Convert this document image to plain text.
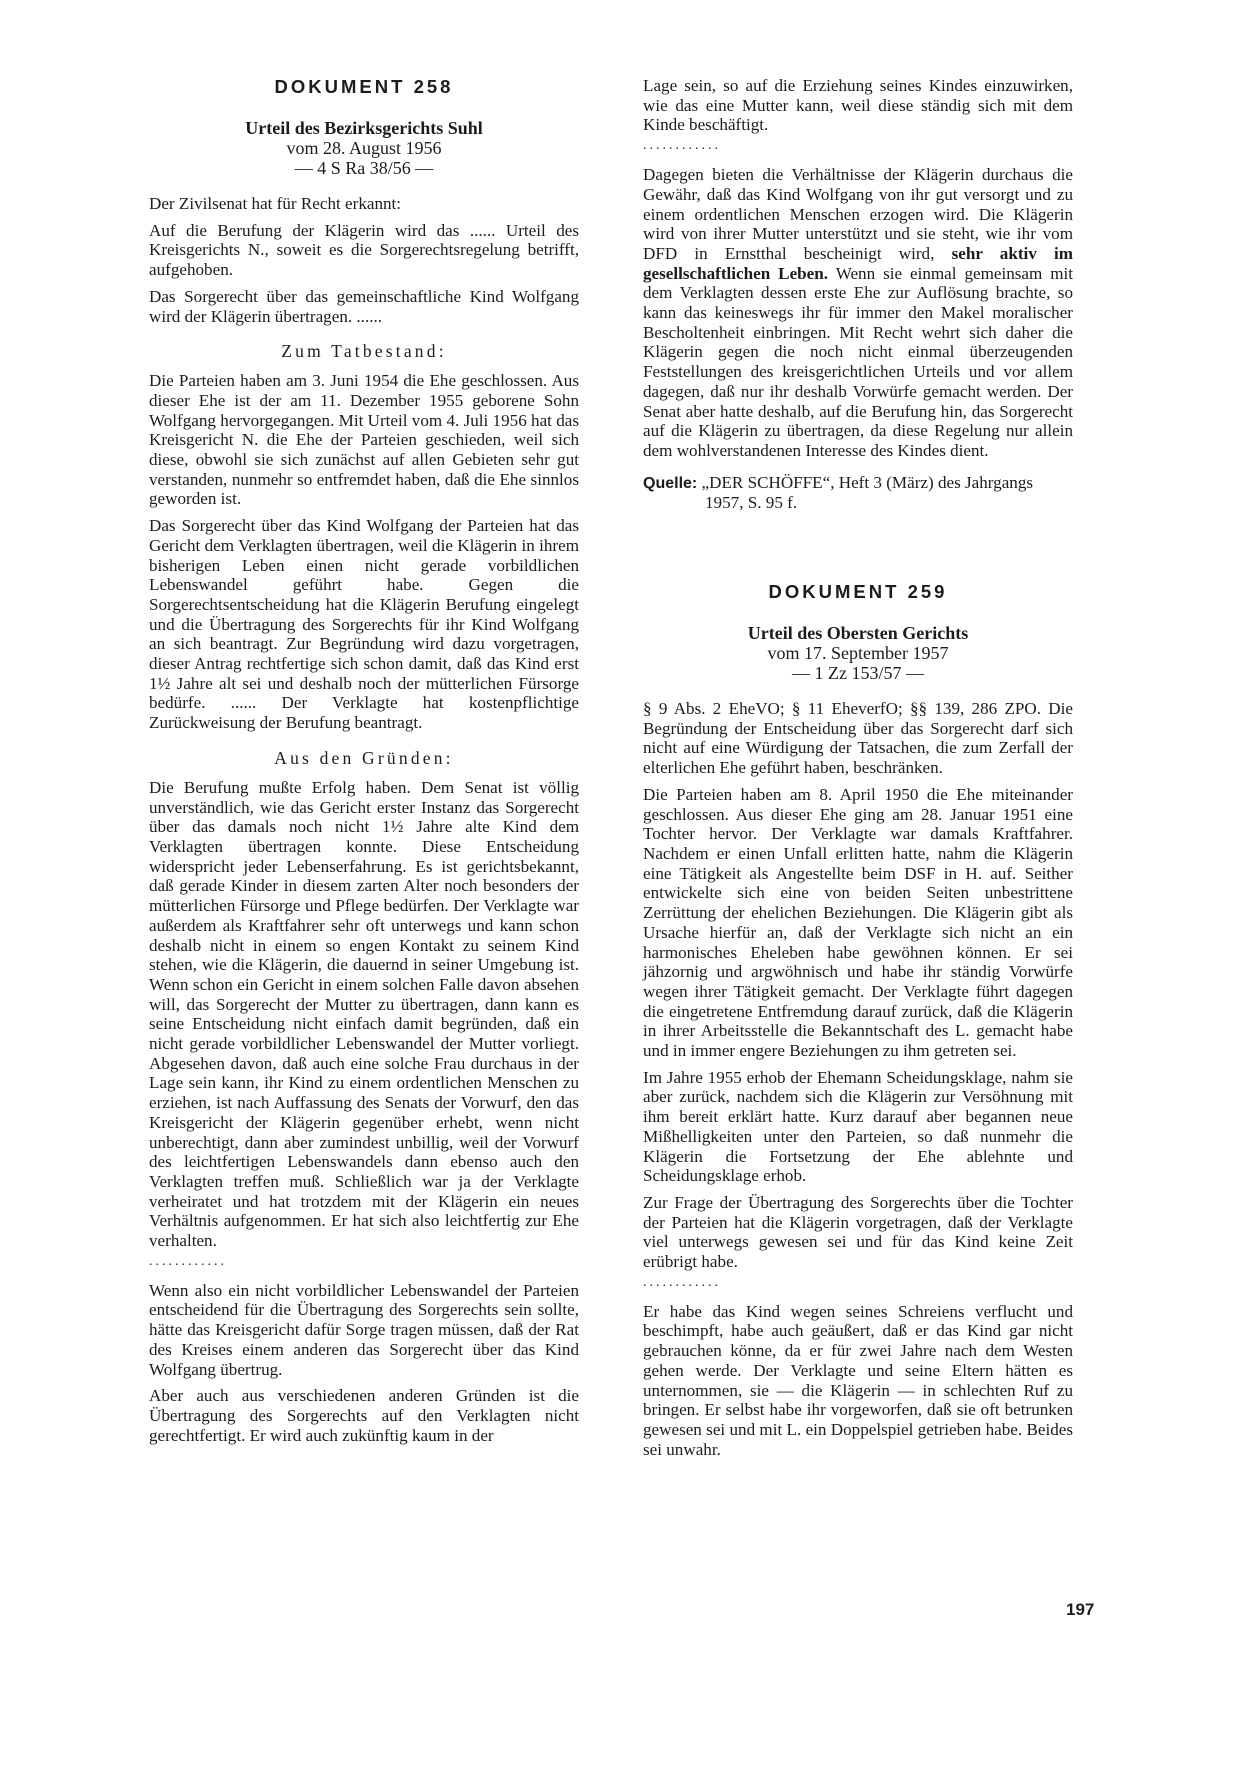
DOKUMENT 258
Urteil des Bezirksgerichts Suhl
vom 28. August 1956
— 4 S Ra 38/56 —

Der Zivilsenat hat für Recht erkannt:

Auf die Berufung der Klägerin wird das ...... Urteil des Kreisgerichts N., soweit es die Sorgerechtsregelung betrifft, aufgehoben.

Das Sorgerecht über das gemeinschaftliche Kind Wolfgang wird der Klägerin übertragen. ......

Zum Tatbestand:

Die Parteien haben am 3. Juni 1954 die Ehe geschlossen. Aus dieser Ehe ist der am 11. Dezember 1955 geborene Sohn Wolfgang hervorgegangen. Mit Urteil vom 4. Juli 1956 hat das Kreisgericht N. die Ehe der Parteien geschieden, weil sich diese, obwohl sie sich zunächst auf allen Gebieten sehr gut verstanden, nunmehr so entfremdet haben, daß die Ehe sinnlos geworden ist.

Das Sorgerecht über das Kind Wolfgang der Parteien hat das Gericht dem Verklagten übertragen, weil die Klägerin in ihrem bisherigen Leben einen nicht gerade vorbildlichen Lebenswandel geführt habe. Gegen die Sorgerechtsentscheidung hat die Klägerin Berufung eingelegt und die Übertragung des Sorgerechts für ihr Kind Wolfgang an sich beantragt. Zur Begründung wird dazu vorgetragen, dieser Antrag rechtfertige sich schon damit, daß das Kind erst 1½ Jahre alt sei und deshalb noch der mütterlichen Fürsorge bedürfe. ...... Der Verklagte hat kostenpflichtige Zurückweisung der Berufung beantragt.

Aus den Gründen:

Die Berufung mußte Erfolg haben. Dem Senat ist völlig unverständlich, wie das Gericht erster Instanz das Sorgerecht über das damals noch nicht 1½ Jahre alte Kind dem Verklagten übertragen konnte. Diese Entscheidung widerspricht jeder Lebenserfahrung. Es ist gerichtsbekannt, daß gerade Kinder in diesem zarten Alter noch besonders der mütterlichen Fürsorge und Pflege bedürfen. Der Verklagte war außerdem als Kraftfahrer sehr oft unterwegs und kann schon deshalb nicht in einem so engen Kontakt zu seinem Kind stehen, wie die Klägerin, die dauernd in seiner Umgebung ist. Wenn schon ein Gericht in einem solchen Falle davon absehen will, das Sorgerecht der Mutter zu übertragen, dann kann es seine Entscheidung nicht einfach damit begründen, daß ein nicht gerade vorbildlicher Lebenswandel der Mutter vorliegt. Abgesehen davon, daß auch eine solche Frau durchaus in der Lage sein kann, ihr Kind zu einem ordentlichen Menschen zu erziehen, ist nach Auffassung des Senats der Vorwurf, den das Kreisgericht der Klägerin gegenüber erhebt, wenn nicht unberechtigt, dann aber zumindest unbillig, weil der Vorwurf des leichtfertigen Lebenswandels dann ebenso auch den Verklagten treffen muß. Schließlich war ja der Verklagte verheiratet und hat trotzdem mit der Klägerin ein neues Verhältnis aufgenommen. Er hat sich also leichtfertig zur Ehe verhalten.

............

Wenn also ein nicht vorbildlicher Lebenswandel der Parteien entscheidend für die Übertragung des Sorgerechts sein sollte, hätte das Kreisgericht dafür Sorge tragen müssen, daß der Rat des Kreises einem anderen das Sorgerecht über das Kind Wolfgang übertrug.

Aber auch aus verschiedenen anderen Gründen ist die Übertragung des Sorgerechts auf den Verklagten nicht gerechtfertigt. Er wird auch zukünftig kaum in der

Lage sein, so auf die Erziehung seines Kindes einzuwirken, wie das eine Mutter kann, weil diese ständig sich mit dem Kinde beschäftigt.

............

Dagegen bieten die Verhältnisse der Klägerin durchaus die Gewähr, daß das Kind Wolfgang von ihr gut versorgt und zu einem ordentlichen Menschen erzogen wird. Die Klägerin wird von ihrer Mutter unterstützt und sie steht, wie ihr vom DFD in Ernstthal bescheinigt wird, sehr aktiv im gesellschaftlichen Leben. Wenn sie einmal gemeinsam mit dem Verklagten dessen erste Ehe zur Auflösung brachte, so kann das keineswegs ihr für immer den Makel moralischer Bescholtenheit einbringen. Mit Recht wehrt sich daher die Klägerin gegen die noch nicht einmal überzeugenden Feststellungen des kreisgerichtlichen Urteils und vor allem dagegen, daß nur ihr deshalb Vorwürfe gemacht werden. Der Senat aber hatte deshalb, auf die Berufung hin, das Sorgerecht auf die Klägerin zu übertragen, da diese Regelung nur allein dem wohlverstandenen Interesse des Kindes dient.

Quelle: „DER SCHÖFFE“, Heft 3 (März) des Jahrgangs 1957, S. 95 f.
DOKUMENT 259
Urteil des Obersten Gerichts
vom 17. September 1957
— 1 Zz 153/57 —

§ 9 Abs. 2 EheVO; § 11 EheverfO; §§ 139, 286 ZPO. Die Begründung der Entscheidung über das Sorgerecht darf sich nicht auf eine Würdigung der Tatsachen, die zum Zerfall der elterlichen Ehe geführt haben, beschränken.

Die Parteien haben am 8. April 1950 die Ehe miteinander geschlossen. Aus dieser Ehe ging am 28. Januar 1951 eine Tochter hervor. Der Verklagte war damals Kraftfahrer. Nachdem er einen Unfall erlitten hatte, nahm die Klägerin eine Tätigkeit als Angestellte beim DSF in H. auf. Seither entwickelte sich eine von beiden Seiten unbestrittene Zerrüttung der ehelichen Beziehungen. Die Klägerin gibt als Ursache hierfür an, daß der Verklagte sich nicht an ein harmonisches Eheleben habe gewöhnen können. Er sei jähzornig und argwöhnisch und habe ihr ständig Vorwürfe wegen ihrer Tätigkeit gemacht. Der Verklagte führt dagegen die eingetretene Entfremdung darauf zurück, daß die Klägerin in ihrer Arbeitsstelle die Bekanntschaft des L. gemacht habe und in immer engere Beziehungen zu ihm getreten sei.

Im Jahre 1955 erhob der Ehemann Scheidungsklage, nahm sie aber zurück, nachdem sich die Klägerin zur Versöhnung mit ihm bereit erklärt hatte. Kurz darauf aber begannen neue Mißhelligkeiten unter den Parteien, so daß nunmehr die Klägerin die Fortsetzung der Ehe ablehnte und Scheidungsklage erhob.

Zur Frage der Übertragung des Sorgerechts über die Tochter der Parteien hat die Klägerin vorgetragen, daß der Verklagte viel unterwegs gewesen sei und für das Kind keine Zeit erübrigt habe.

............

Er habe das Kind wegen seines Schreiens verflucht und beschimpft, habe auch geäußert, daß er das Kind gar nicht gebrauchen könne, da er für zwei Jahre nach dem Westen gehen werde. Der Verklagte und seine Eltern hätten es unternommen, sie — die Klägerin — in schlechten Ruf zu bringen. Er selbst habe ihr vorgeworfen, daß sie oft betrunken gewesen sei und mit L. ein Doppelspiel getrieben habe. Beides sei unwahr.

197
